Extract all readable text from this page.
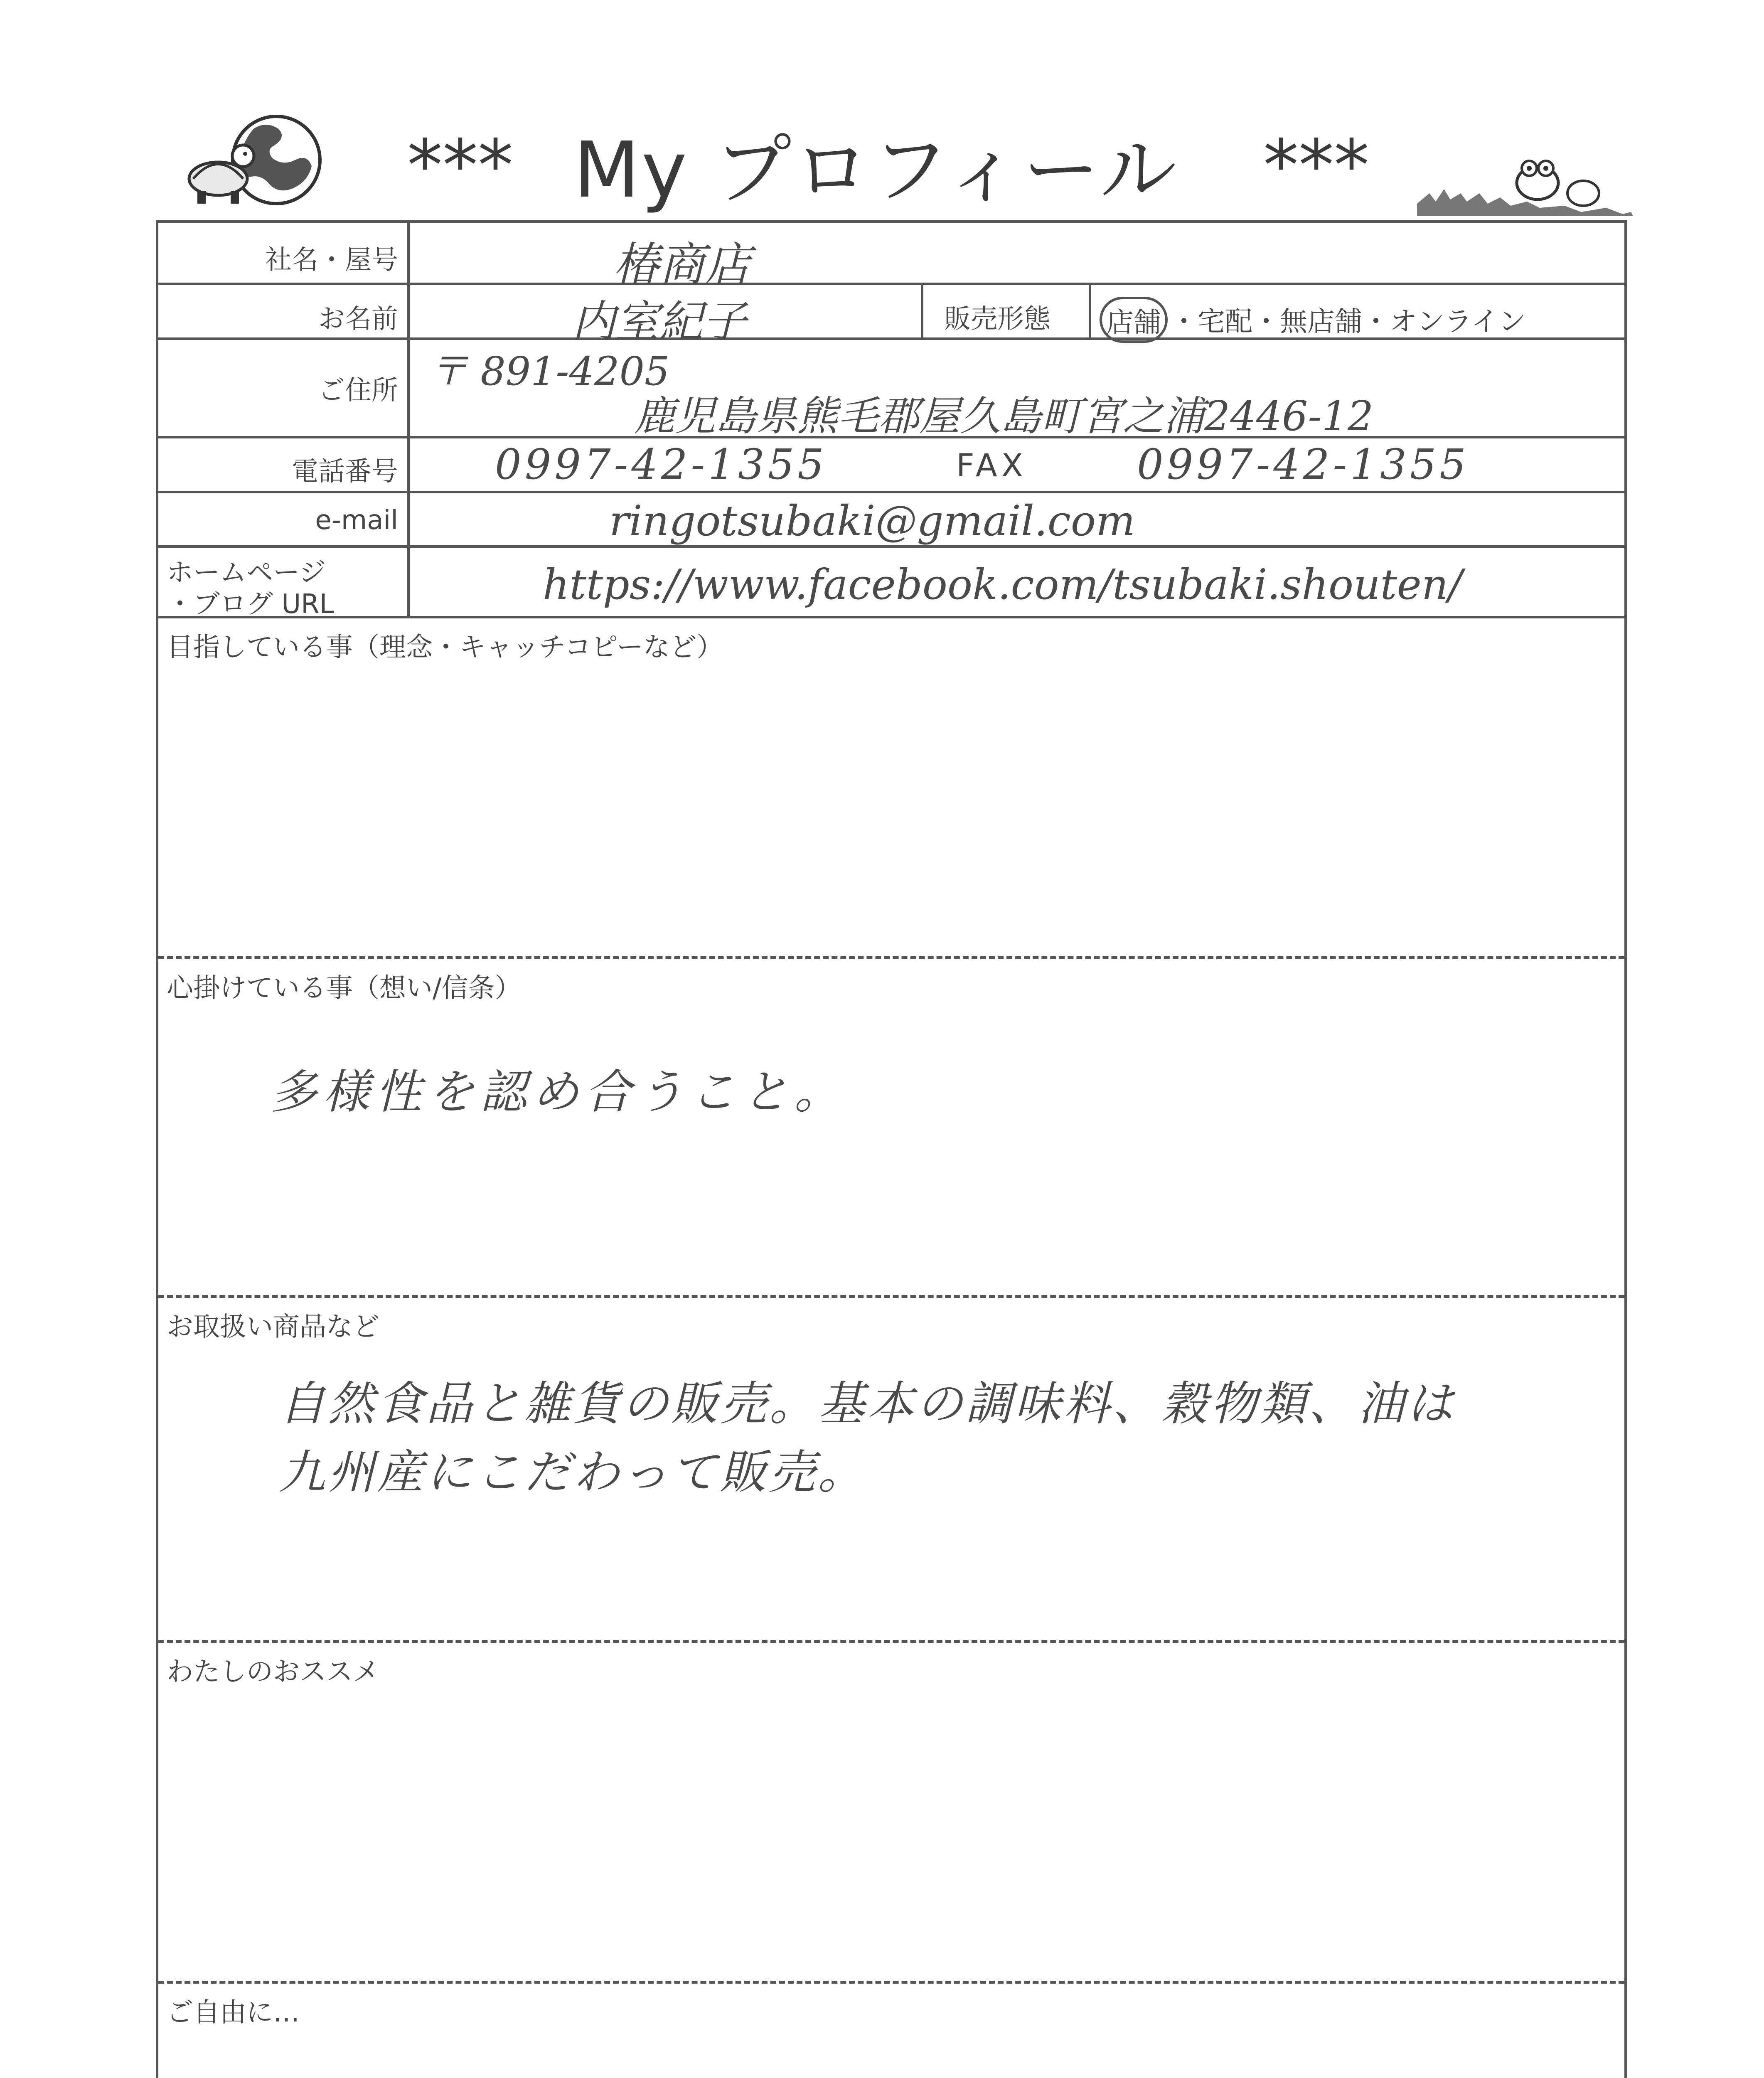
*** My プロフィール ***
社名・屋号	椿商店
お名前	内室紀子	販売形態 店舗 ・宅配・無店舗・オンライン
ご住所 〒 891-4205
鹿児島県熊毛郡屋久島町宮之浦2446-12
電話番号 0997-42-1355	FAX	0997-42-1355
e-mail	ringotsubaki@gmail.com
ホームページ
・ブログ URL	https://www.facebook.com/tsubaki.shouten/
目指している事（理念・キャッチコピーなど）
心掛けている事（想い/信条）
多様性を認め合うこと。
お取扱い商品など
自然食品と雑貨の販売。基本の調味料、穀物類、油は
九州産にこだわって販売。
わたしのおススメ
ご自由に…
